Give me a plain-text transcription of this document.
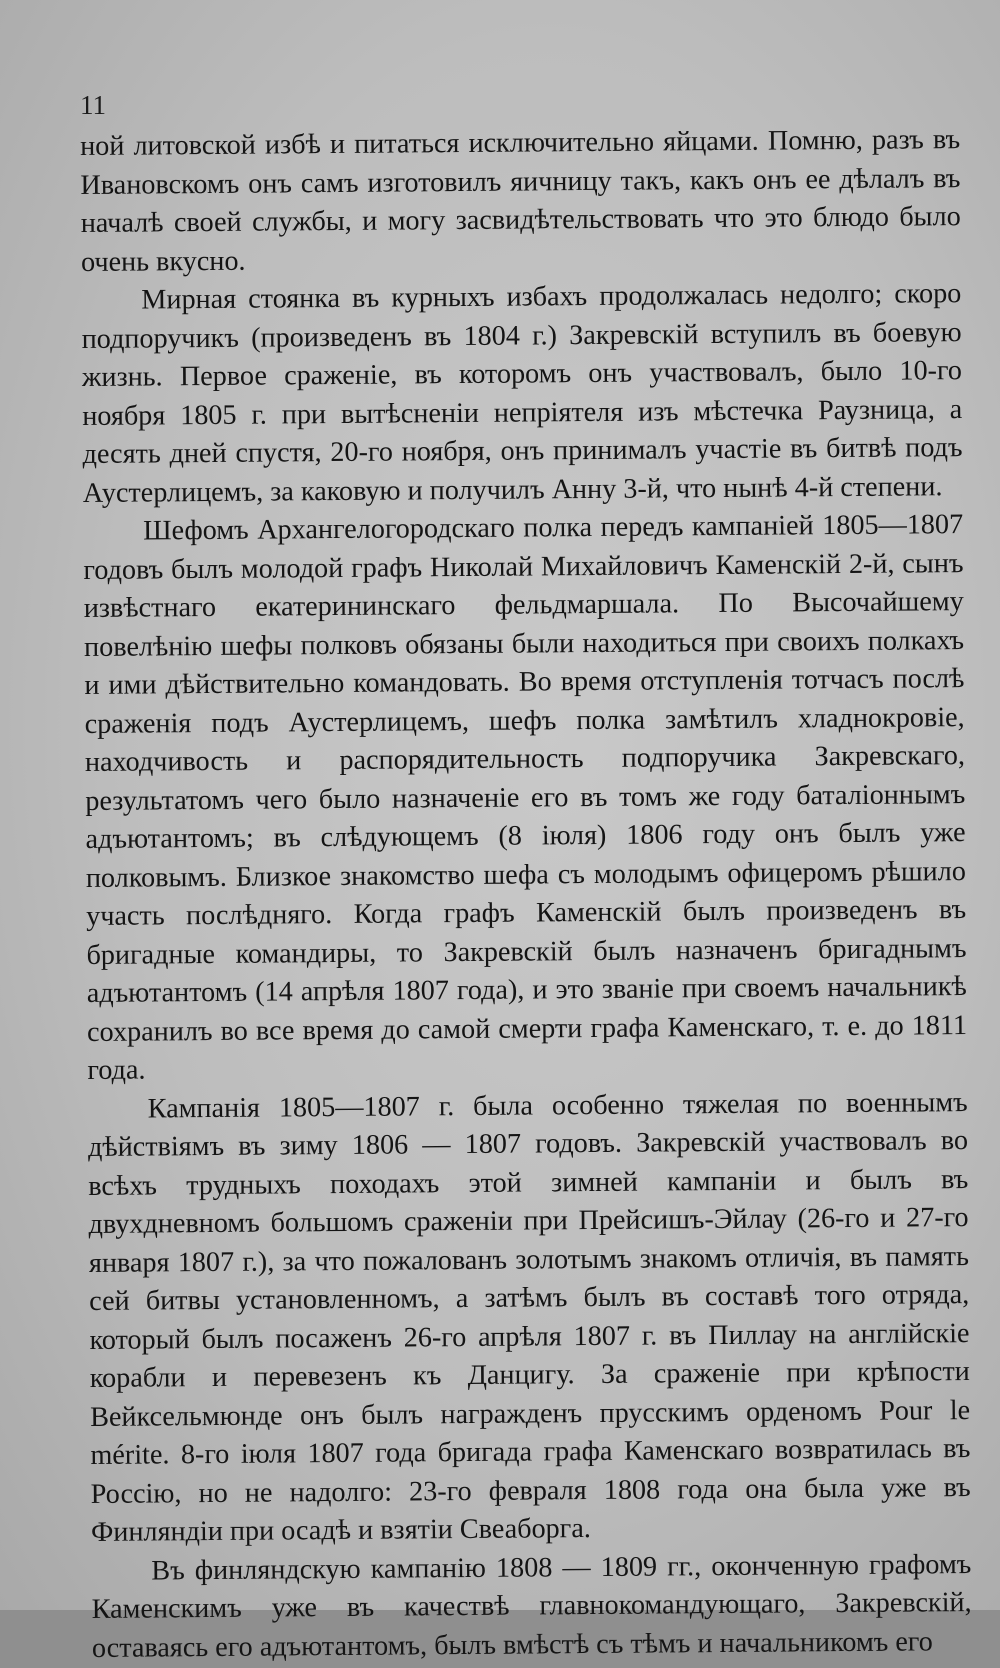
11

ной литовской избѣ и питаться исключительно яйцами. Помню, разъ въ Ивановскомъ онъ самъ изготовилъ яичницу такъ, какъ онъ ее дѣлалъ въ началѣ своей службы, и могу засвидѣтельствовать что это блюдо было очень вкусно.

Мирная стоянка въ курныхъ избахъ продолжалась недолго; скоро подпоручикъ (произведенъ въ 1804 г.) Закревскій вступилъ въ боевую жизнь. Первое сраженіе, въ которомъ онъ участвовалъ, было 10-го ноября 1805 г. при вытѣсненіи непріятеля изъ мѣстечка Раузница, а десять дней спустя, 20-го ноября, онъ принималъ участіе въ битвѣ подъ Аустерлицемъ, за каковую и получилъ Анну 3-й, что нынѣ 4-й степени.

Шефомъ Архангелогородскаго полка передъ кампаніей 1805—1807 годовъ былъ молодой графъ Николай Михайловичъ Каменскій 2-й, сынъ извѣстнаго екатерининскаго фельдмаршала. По Высочайшему повелѣнію шефы полковъ обязаны были находиться при своихъ полкахъ и ими дѣйствительно командовать. Во время отступленія тотчасъ послѣ сраженія подъ Аустерлицемъ, шефъ полка замѣтилъ хладнокровіе, находчивость и распорядительность подпоручика Закревскаго, результатомъ чего было назначеніе его въ томъ же году баталіоннымъ адъютантомъ; въ слѣдующемъ (8 іюля) 1806 году онъ былъ уже полковымъ. Близкое знакомство шефа съ молодымъ офицеромъ рѣшило участь послѣдняго. Когда графъ Каменскій былъ произведенъ въ бригадные командиры, то Закревскій былъ назначенъ бригаднымъ адъютантомъ (14 апрѣля 1807 года), и это званіе при своемъ начальникѣ сохранилъ во все время до самой смерти графа Каменскаго, т. е. до 1811 года.

Кампанія 1805—1807 г. была особенно тяжелая по военнымъ дѣйствіямъ въ зиму 1806 — 1807 годовъ. Закревскій участвовалъ во всѣхъ трудныхъ походахъ этой зимней кампаніи и былъ въ двухдневномъ большомъ сраженіи при Прейсишъ-Эйлау (26-го и 27-го января 1807 г.), за что пожалованъ золотымъ знакомъ отличія, въ память сей битвы установленномъ, а затѣмъ былъ въ составѣ того отряда, который былъ посаженъ 26-го апрѣля 1807 г. въ Пиллау на англійскіе корабли и перевезенъ къ Данцигу. За сраженіе при крѣпости Вейксельмюнде онъ былъ награжденъ прусскимъ орденомъ Pour le mérite. 8-го іюля 1807 года бригада графа Каменскаго возвратилась въ Россію, но не надолго: 23-го февраля 1808 года она была уже въ Финляндіи при осадѣ и взятіи Свеаборга.

Въ финляндскую кампанію 1808 — 1809 гг., оконченную графомъ Каменскимъ уже въ качествѣ главнокомандующаго, Закревскій, оставаясь его адъютантомъ, былъ вмѣстѣ съ тѣмъ и начальникомъ его
